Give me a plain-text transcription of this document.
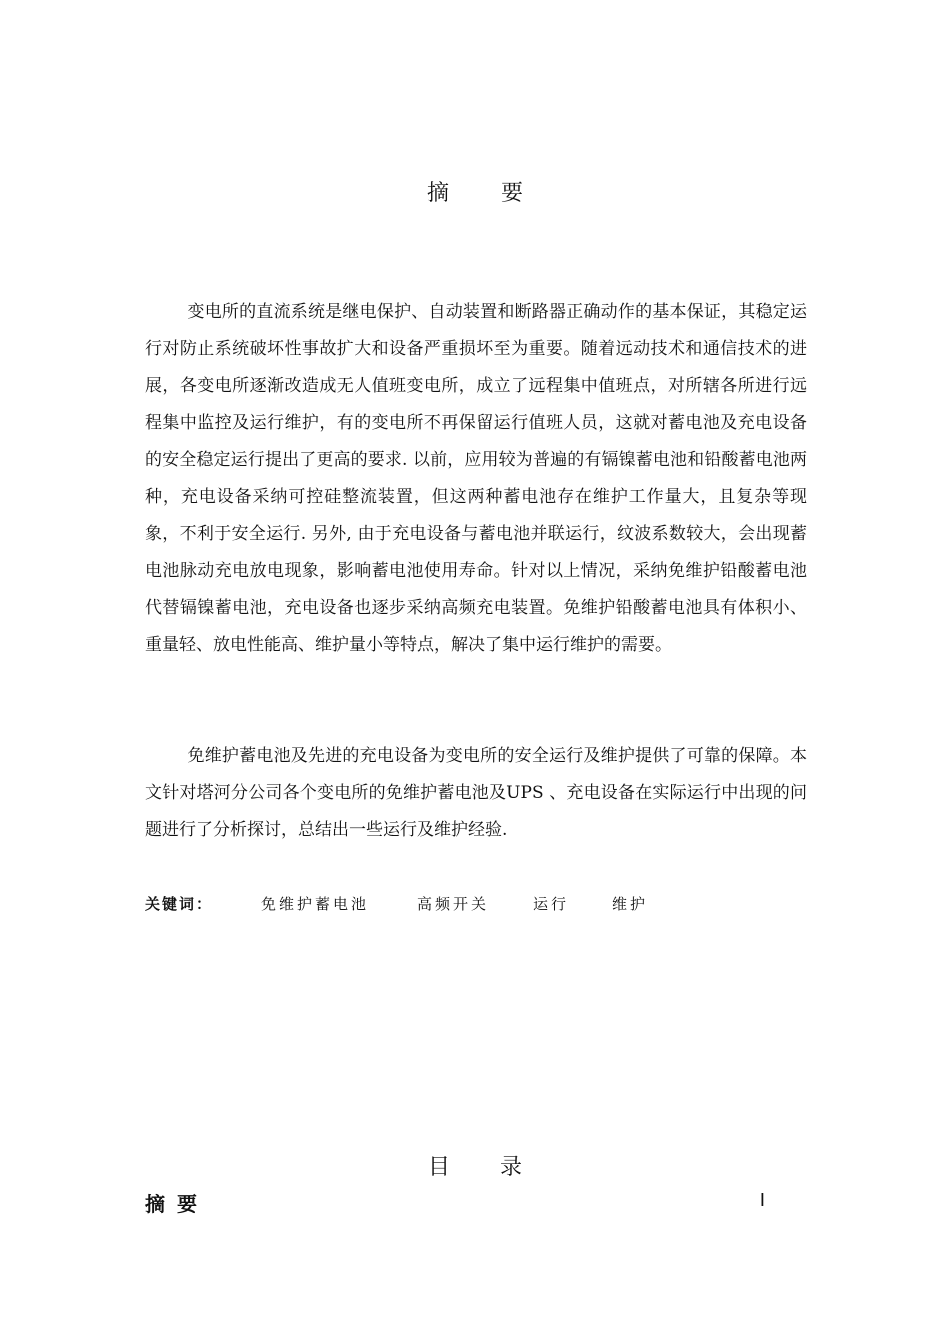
摘要
变电所的直流系统是继电保护、自动装置和断路器正确动作的基本保证，其稳定运行对防止系统破坏性事故扩大和设备严重损坏至为重要。随着远动技术和通信技术的进展，各变电所逐渐改造成无人值班变电所，成立了远程集中值班点，对所辖各所进行远程集中监控及运行维护，有的变电所不再保留运行值班人员，这就对蓄电池及充电设备的安全稳定运行提出了更高的要求. 以前，应用较为普遍的有镉镍蓄电池和铅酸蓄电池两种，充电设备采纳可控硅整流装置，但这两种蓄电池存在维护工作量大，且复杂等现象，不利于安全运行. 另外, 由于充电设备与蓄电池并联运行，纹波系数较大，会出现蓄电池脉动充电放电现象，影响蓄电池使用寿命。针对以上情况，采纳免维护铅酸蓄电池代替镉镍蓄电池，充电设备也逐步采纳高频充电装置。免维护铅酸蓄电池具有体积小、重量轻、放电性能高、维护量小等特点，解决了集中运行维护的需要。
免维护蓄电池及先进的充电设备为变电所的安全运行及维护提供了可靠的保障。本文针对塔河分公司各个变电所的免维护蓄电池及UPS 、充电设备在实际运行中出现的问题进行了分析探讨，总结出一些运行及维护经验.
关键词：	免维护蓄电池	高频开关	运行	维护
目录
摘要	I
